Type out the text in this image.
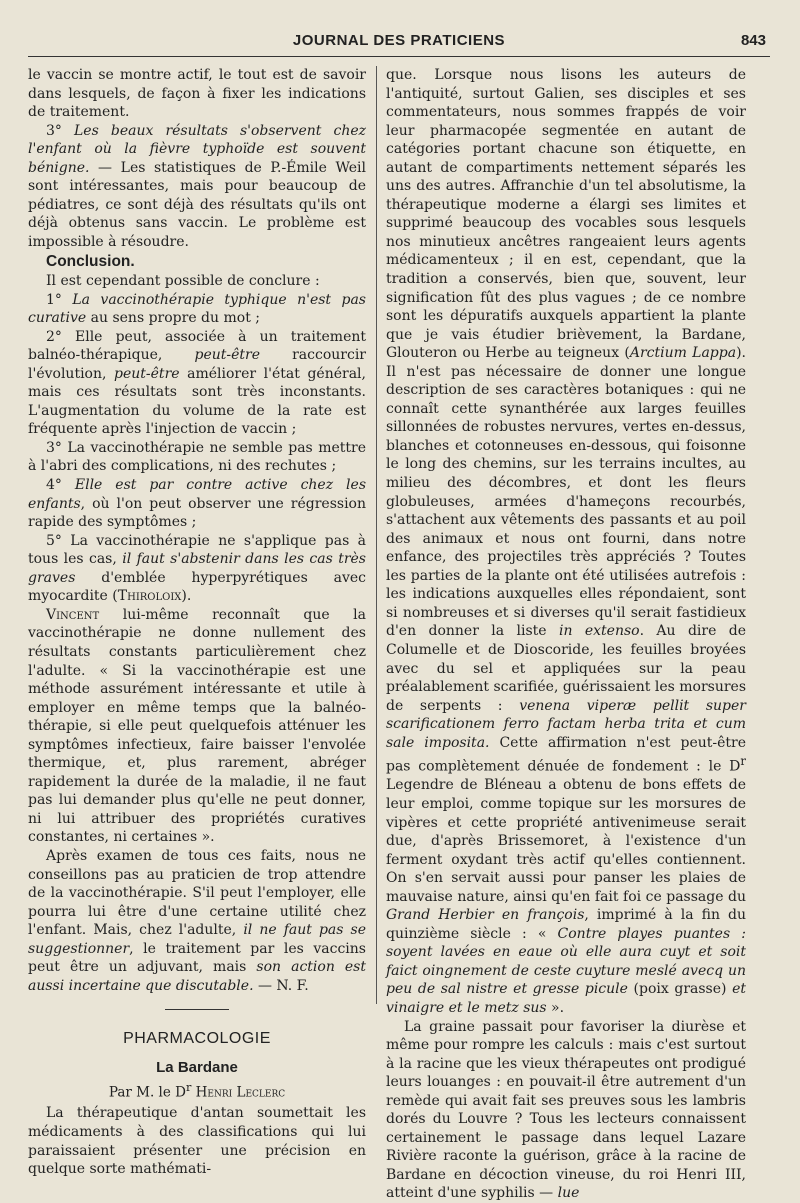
JOURNAL DES PRATICIENS	843

le vaccin se montre actif, le tout est de savoir dans lesquels, de façon à fixer les indications de traitement.

3° Les beaux résultats s'observent chez l'enfant où la fièvre typhoïde est souvent bénigne. — Les statistiques de P.-Émile Weil sont intéressantes, mais pour beaucoup de pédiatres, ce sont déjà des résultats qu'ils ont déjà obtenus sans vaccin. Le problème est impossible à résoudre.

Conclusion.

Il est cependant possible de conclure :

1° La vaccinothérapie typhique n'est pas curative au sens propre du mot ;

2° Elle peut, associée à un traitement balnéo-thérapique, peut-être raccourcir l'évolution, peut-être améliorer l'état général, mais ces résultats sont très inconstants. L'augmentation du volume de la rate est fréquente après l'injection de vaccin ;

3° La vaccinothérapie ne semble pas mettre à l'abri des complications, ni des rechutes ;

4° Elle est par contre active chez les enfants, où l'on peut observer une régression rapide des symptômes ;

5° La vaccinothérapie ne s'applique pas à tous les cas, il faut s'abstenir dans les cas très graves d'emblée hyperpyrétiques avec myocardite (Thiroloix).

Vincent lui-même reconnaît que la vaccinothérapie ne donne nullement des résultats constants particulièrement chez l'adulte. « Si la vaccinothérapie est une méthode assurément intéressante et utile à employer en même temps que la balnéo-thérapie, si elle peut quelquefois atténuer les symptômes infectieux, faire baisser l'envolée thermique, et, plus rarement, abréger rapidement la durée de la maladie, il ne faut pas lui demander plus qu'elle ne peut donner, ni lui attribuer des propriétés curatives constantes, ni certaines ».

Après examen de tous ces faits, nous ne conseillons pas au praticien de trop attendre de la vaccinothérapie. S'il peut l'employer, elle pourra lui être d'une certaine utilité chez l'enfant. Mais, chez l'adulte, il ne faut pas se suggestionner, le traitement par les vaccins peut être un adjuvant, mais son action est aussi incertaine que discutable. — N. F.

PHARMACOLOGIE
La Bardane
Par M. le $D^r$ Henri Leclerc

La thérapeutique d'antan soumettait les médicaments à des classifications qui lui paraissaient présenter une précision en quelque sorte mathémati-

que. Lorsque nous lisons les auteurs de l'antiquité, surtout Galien, ses disciples et ses commentateurs, nous sommes frappés de voir leur pharmacopée segmentée en autant de catégories portant chacune son étiquette, en autant de compartiments nettement séparés les uns des autres. Affranchie d'un tel absolutisme, la thérapeutique moderne a élargi ses limites et supprimé beaucoup des vocables sous lesquels nos minutieux ancêtres rangeaient leurs agents médicamenteux ; il en est, cependant, que la tradition a conservés, bien que, souvent, leur signification fût des plus vagues ; de ce nombre sont les dépuratifs auxquels appartient la plante que je vais étudier brièvement, la Bardane, Glouteron ou Herbe au teigneux (Arctium Lappa). Il n'est pas nécessaire de donner une longue description de ses caractères botaniques : qui ne connaît cette synanthérée aux larges feuilles sillonnées de robustes nervures, vertes en-dessus, blanches et cotonneuses en-dessous, qui foisonne le long des chemins, sur les terrains incultes, au milieu des décombres, et dont les fleurs globuleuses, armées d'hameçons recourbés, s'attachent aux vêtements des passants et au poil des animaux et nous ont fourni, dans notre enfance, des projectiles très appréciés ? Toutes les parties de la plante ont été utilisées autrefois : les indications auxquelles elles répondaient, sont si nombreuses et si diverses qu'il serait fastidieux d'en donner la liste in extenso. Au dire de Columelle et de Dioscoride, les feuilles broyées avec du sel et appliquées sur la peau préalablement scarifiée, guérissaient les morsures de serpents : venena viperæ pellit super scarificationem ferro factam herba trita et cum sale imposita. Cette affirmation n'est peut-être pas complètement dénuée de fondement : le $D^r$ Legendre de Bléneau a obtenu de bons effets de leur emploi, comme topique sur les morsures de vipères et cette propriété antivenimeuse serait due, d'après Brissemoret, à l'existence d'un ferment oxydant très actif qu'elles contiennent. On s'en servait aussi pour panser les plaies de mauvaise nature, ainsi qu'en fait foi ce passage du Grand Herbier en françois, imprimé à la fin du quinzième siècle : « Contre playes puantes : soyent lavées en eaue où elle aura cuyt et soit faict oingnement de ceste cuyture meslé avecq un peu de sal nistre et gresse picule (poix grasse) et vinaigre et le metz sus ».

La graine passait pour favoriser la diurèse et même pour rompre les calculs : mais c'est surtout à la racine que les vieux thérapeutes ont prodigué leurs louanges : en pouvait-il être autrement d'un remède qui avait fait ses preuves sous les lambris dorés du Louvre ? Tous les lecteurs connaissent certainement le passage dans lequel Lazare Rivière raconte la guérison, grâce à la racine de Bardane en décoction vineuse, du roi Henri III, atteint d'une syphilis — lue
